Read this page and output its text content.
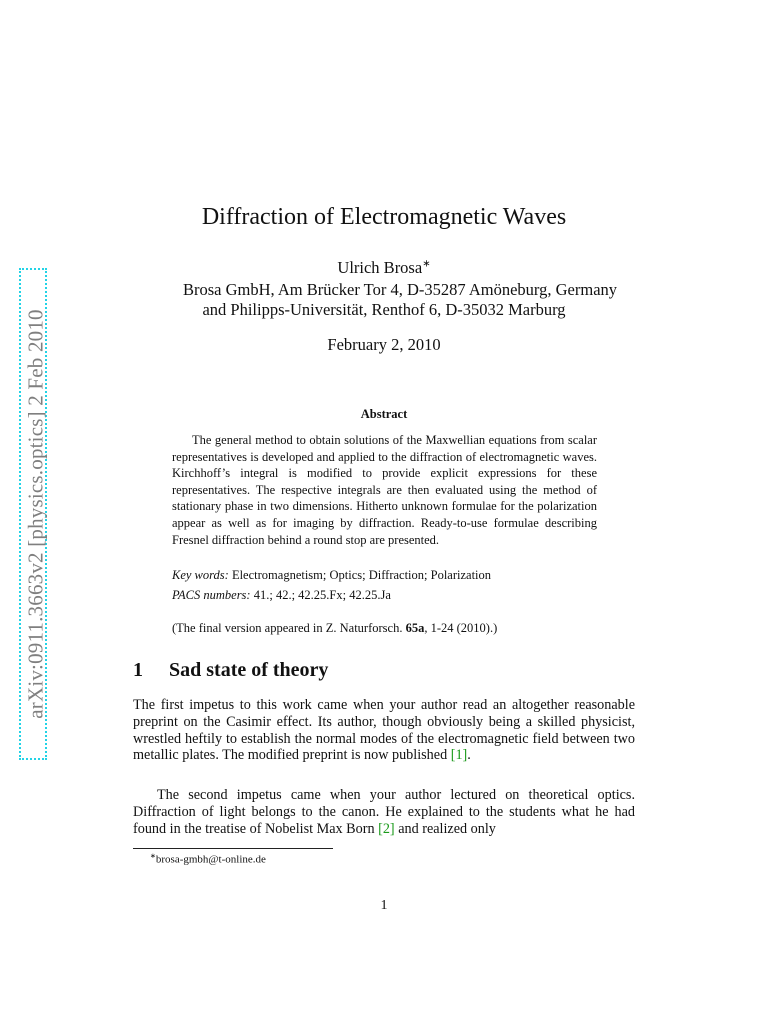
arXiv:0911.3663v2 [physics.optics] 2 Feb 2010
Diffraction of Electromagnetic Waves
Ulrich Brosa∗
Brosa GmbH, Am Brücker Tor 4, D-35287 Amöneburg, Germany
and Philipps-Universität, Renthof 6, D-35032 Marburg
February 2, 2010
Abstract

The general method to obtain solutions of the Maxwellian equations from scalar representatives is developed and applied to the diffraction of electromagnetic waves. Kirchhoff’s integral is modified to provide explicit expressions for these representatives. The respective integrals are then evaluated using the method of stationary phase in two dimensions. Hitherto unknown formulae for the polarization appear as well as for imaging by diffraction. Ready-to-use formulae describing Fresnel diffraction behind a round stop are presented.

Key words: Electromagnetism; Optics; Diffraction; Polarization
PACS numbers: 41.; 42.; 42.25.Fx; 42.25.Ja
(The final version appeared in Z. Naturforsch. 65a, 1-24 (2010).)
1 Sad state of theory

The first impetus to this work came when your author read an altogether reasonable preprint on the Casimir effect. Its author, though obviously being a skilled physicist, wrestled heftily to establish the normal modes of the electromagnetic field between two metallic plates. The modified preprint is now published [1].

The second impetus came when your author lectured on theoretical optics. Diffraction of light belongs to the canon. He explained to the students what he had found in the treatise of Nobelist Max Born [2] and realized only

∗brosa-gmbh@t-online.de
1
